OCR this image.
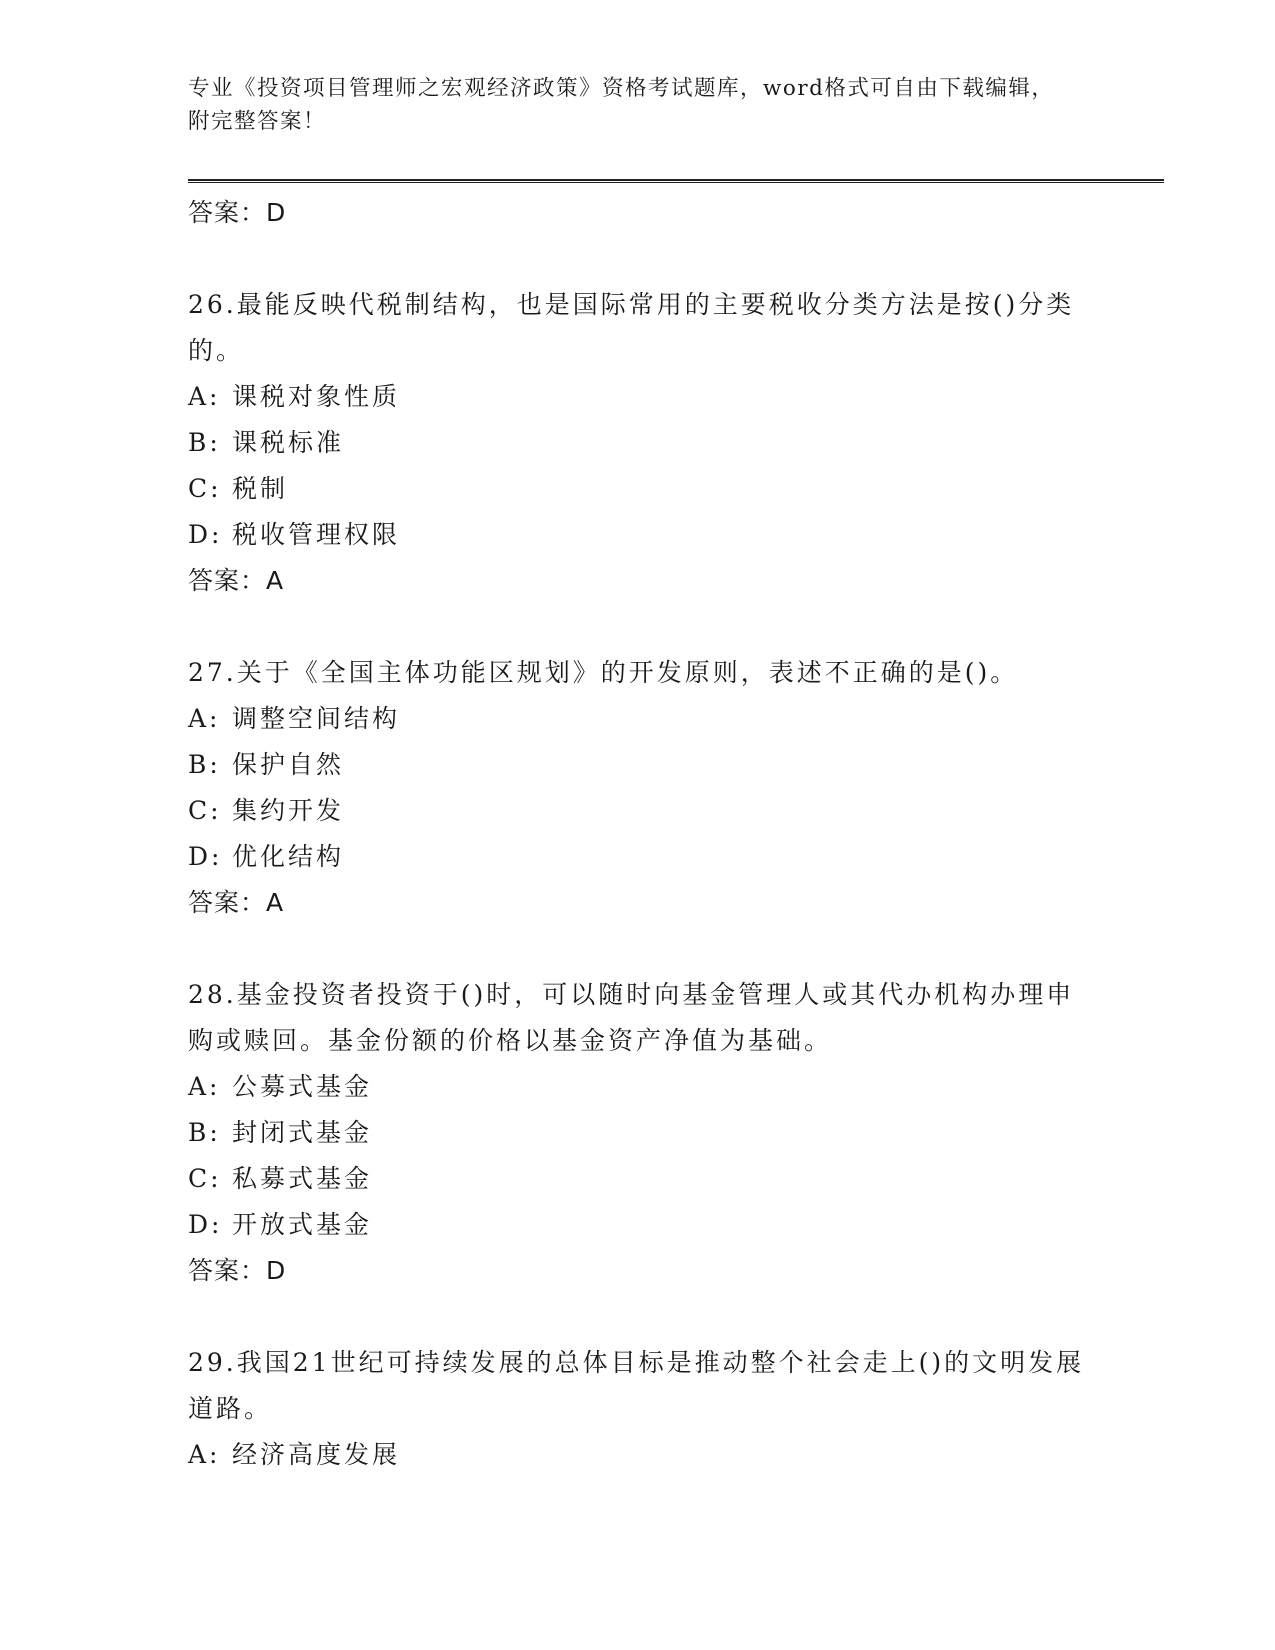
专业《投资项目管理师之宏观经济政策》资格考试题库，word格式可自由下载编辑，附完整答案！
答案：D
26.最能反映代税制结构，也是国际常用的主要税收分类方法是按()分类的。
A: 课税对象性质
B: 课税标准
C: 税制
D: 税收管理权限
答案：A
27.关于《全国主体功能区规划》的开发原则，表述不正确的是()。
A: 调整空间结构
B: 保护自然
C: 集约开发
D: 优化结构
答案：A
28.基金投资者投资于()时，可以随时向基金管理人或其代办机构办理申购或赎回。基金份额的价格以基金资产净值为基础。
A: 公募式基金
B: 封闭式基金
C: 私募式基金
D: 开放式基金
答案：D
29.我国21世纪可持续发展的总体目标是推动整个社会走上()的文明发展道路。
A: 经济高度发展
